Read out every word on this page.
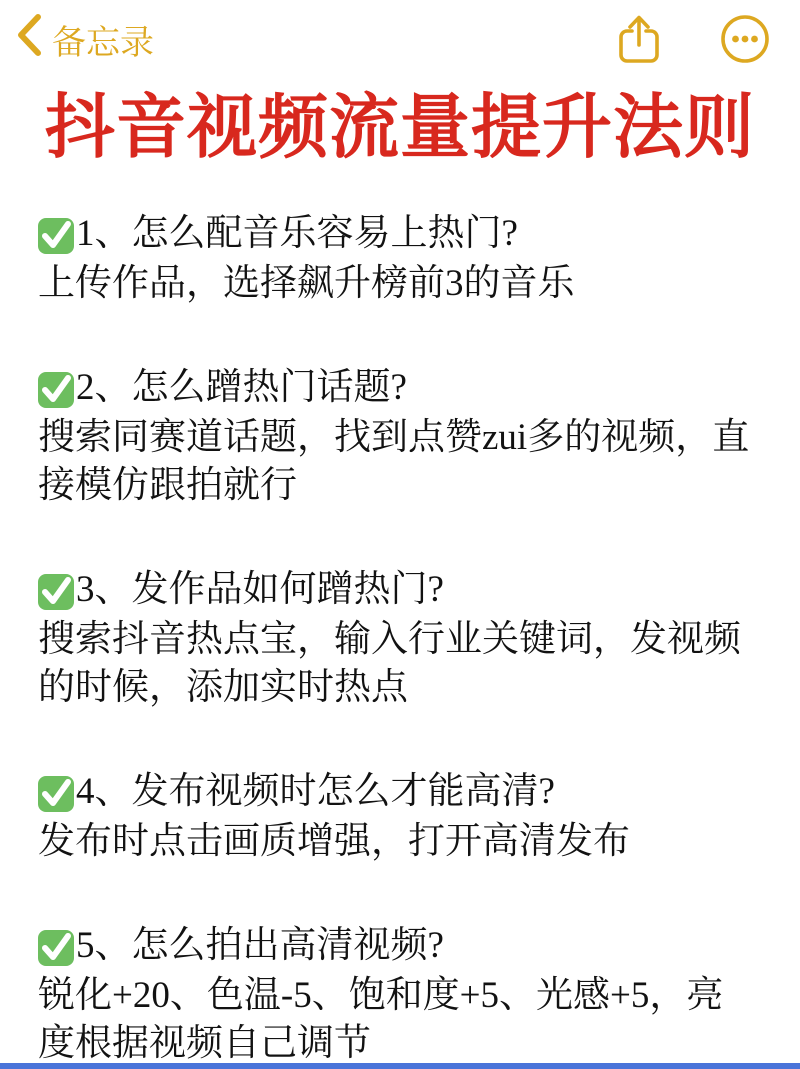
备忘录
抖音视频流量提升法则
1、 怎么配音乐容易上热门?

上传作品，选择飙升榜前3的音乐

2、 怎么蹭热门话题?

搜索同赛道话题，找到点赞zui多的视频，直接模仿跟拍就行

3、 发作品如何蹭热门?

搜索抖音热点宝，输入行业关键词，发视频的时候，添加实时热点

4、 发布视频时怎么才能高清?

发布时点击画质增强，打开高清发布

5、 怎么拍出高清视频?

锐化+20、色温-5、饱和度+5、光感+5，亮度根据视频自己调节
